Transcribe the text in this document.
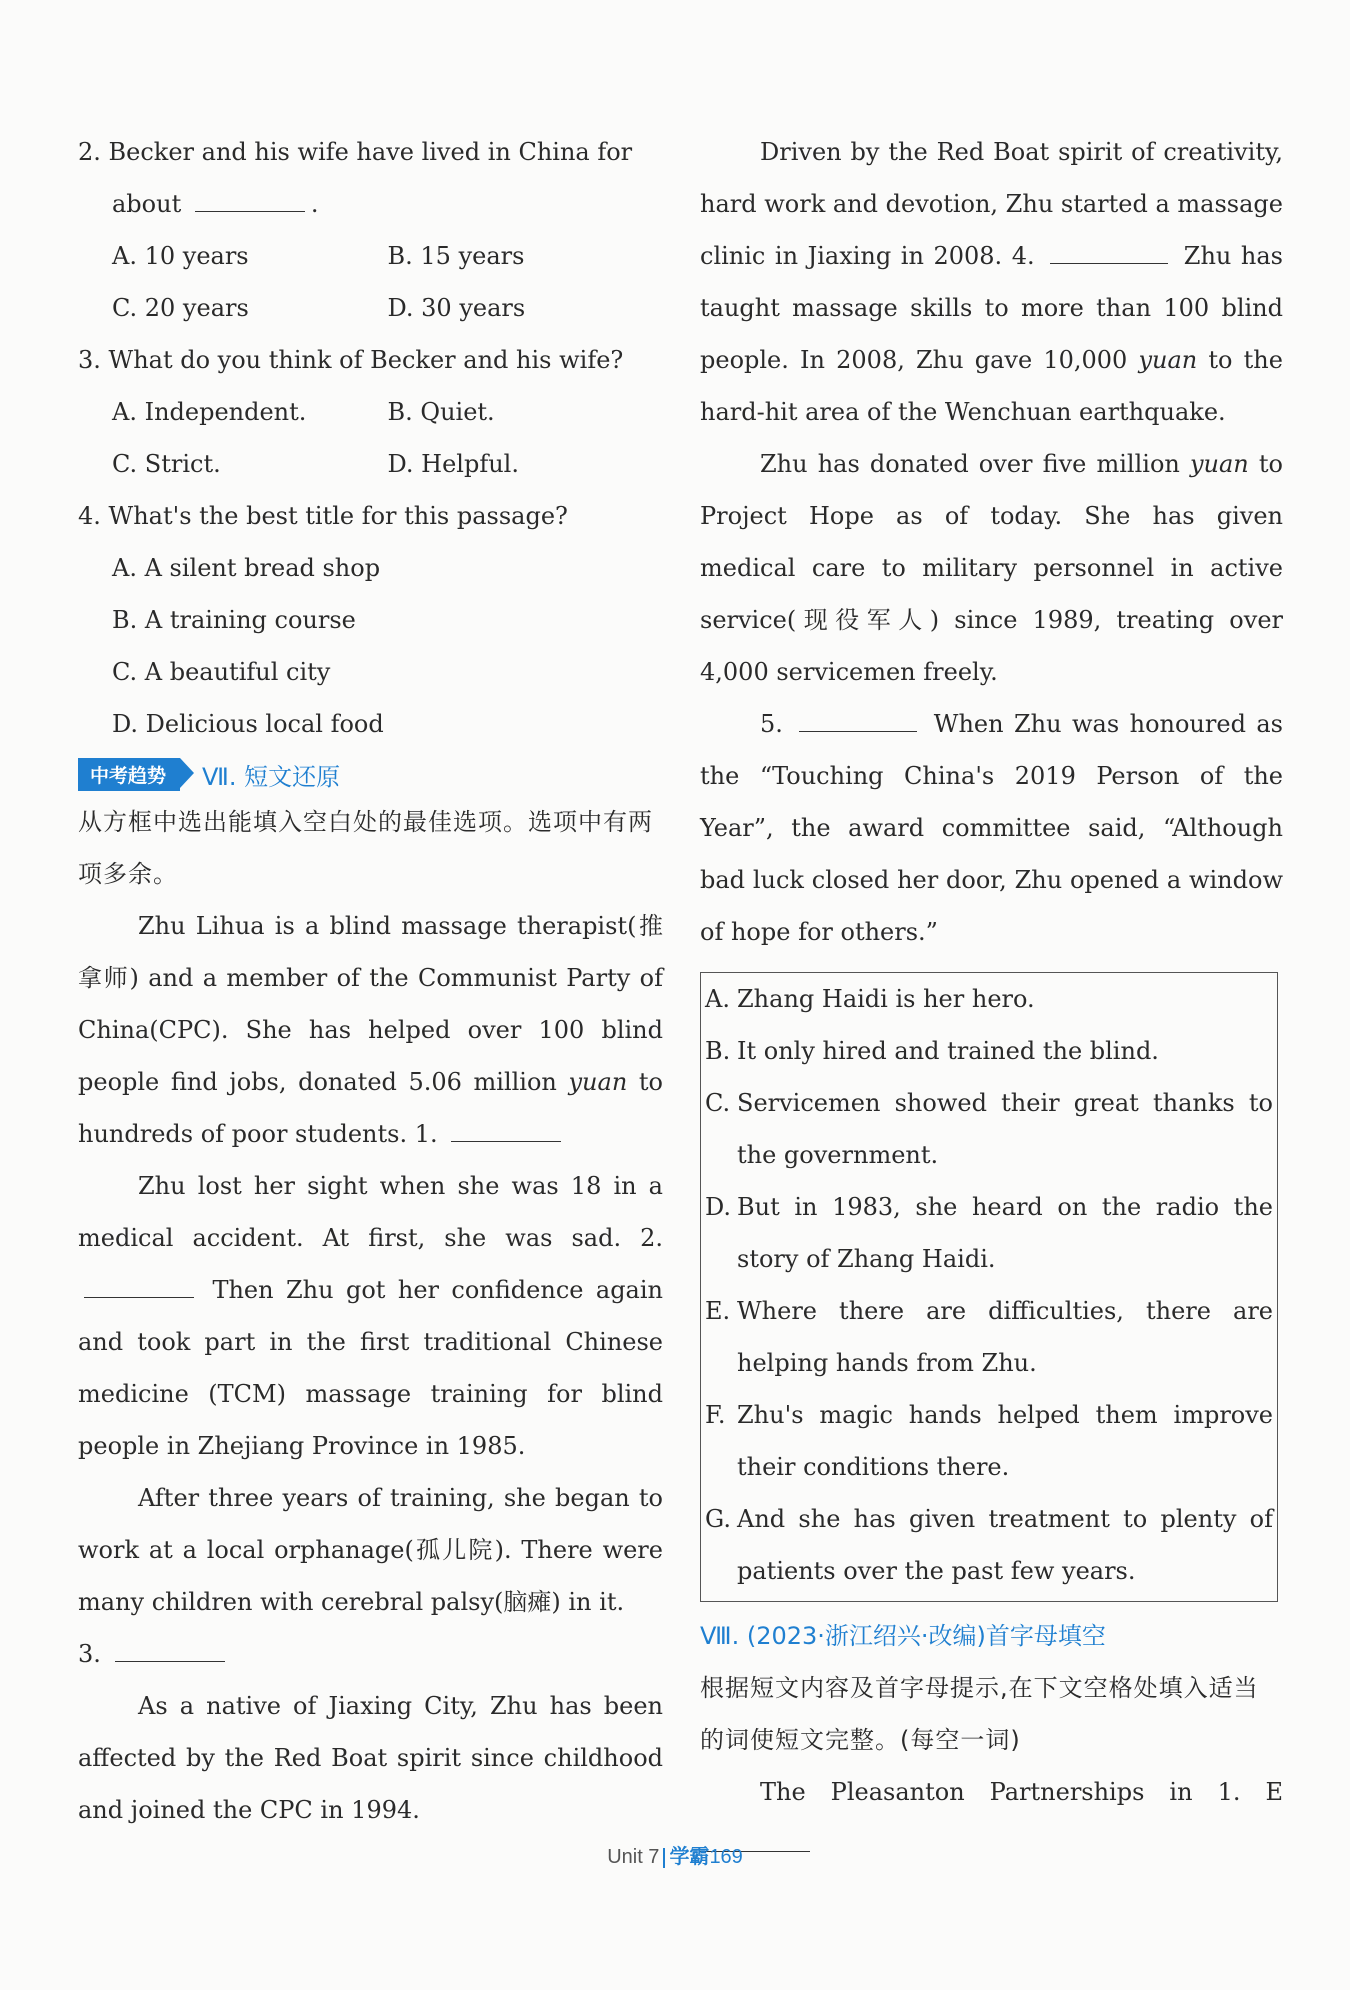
2. Becker and his wife have lived in China for
about	.
A. 10 years	B. 15 years
C. 20 years	D. 30 years
3. What do you think of Becker and his wife?
A. Independent.	B. Quiet.
C. Strict.	D. Helpful.
4. What's the best title for this passage?
A. A silent bread shop
B. A training course
C. A beautiful city
D. Delicious local food
中考趋势	Ⅶ. 短文还原
从方框中选出能填入空白处的最佳选项。选项中有两项多余。
Zhu Lihua is a blind massage therapist(推拿师) and a member of the Communist Party of China(CPC). She has helped over 100 blind people find jobs, donated 5.06 million yuan to hundreds of poor students. 1.
Zhu lost her sight when she was 18 in a medical accident. At first, she was sad. 2.  Then Zhu got her confidence again and took part in the first traditional Chinese medicine (TCM) massage training for blind people in Zhejiang Province in 1985.
After three years of training, she began to work at a local orphanage(孤儿院). There were many children with cerebral palsy(脑瘫) in it.
3.
As a native of Jiaxing City, Zhu has been affected by the Red Boat spirit since childhood and joined the CPC in 1994.
Driven by the Red Boat spirit of creativity, hard work and devotion, Zhu started a massage clinic in Jiaxing in 2008. 4.	Zhu has taught massage skills to more than 100 blind people. In 2008, Zhu gave 10,000 yuan to the hard-hit area of the Wenchuan earthquake.
Zhu has donated over five million yuan to Project Hope as of today. She has given medical care to military personnel in active service(现役军人) since 1989, treating over 4,000 servicemen freely.
5.	When Zhu was honoured as the “Touching China's 2019 Person of the Year”, the award committee said, “Although bad luck closed her door, Zhu opened a window of hope for others.”
A. Zhang Haidi is her hero.
B. It only hired and trained the blind.
C. Servicemen showed their great thanks to the government.
D. But in 1983, she heard on the radio the story of Zhang Haidi.
E. Where there are difficulties, there are helping hands from Zhu.
F. Zhu's magic hands helped them improve their conditions there.
G. And she has given treatment to plenty of patients over the past few years.
Ⅷ. (2023·浙江绍兴·改编)首字母填空
根据短文内容及首字母提示,在下文空格处填入适当的词使短文完整。(每空一词)
The Pleasanton Partnerships in 1. E
Unit 7 学霸169
